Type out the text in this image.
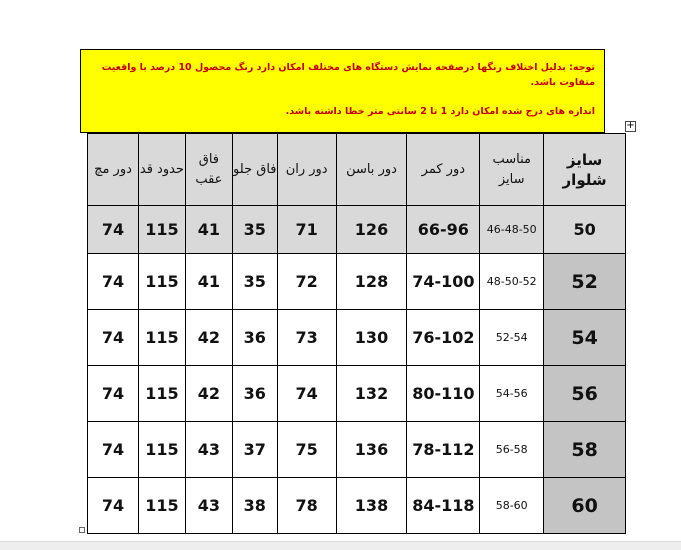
توجه: بدلیل اختلاف رنگها درصفحه نمایش دستگاه های مختلف امکان دارد رنگ محصول 10 درصد با واقعیت متفاوت باشد.

اندازه های درج شده امکان دارد 1 تا 2 سانتی متر خطا داشته باشد.

+
سایز شلوار	مناسب سایز	دور کمر	دور باسن	دور ران	فاق جلو	فاق عقب	حدود قد	دور مچ
50	46-48-50	66-96	126	71	35	41	115	74
52	48-50-52	74-100	128	72	35	41	115	74
54	52-54	76-102	130	73	36	42	115	74
56	54-56	80-110	132	74	36	42	115	74
58	56-58	78-112	136	75	37	43	115	74
60	58-60	84-118	138	78	38	43	115	74
